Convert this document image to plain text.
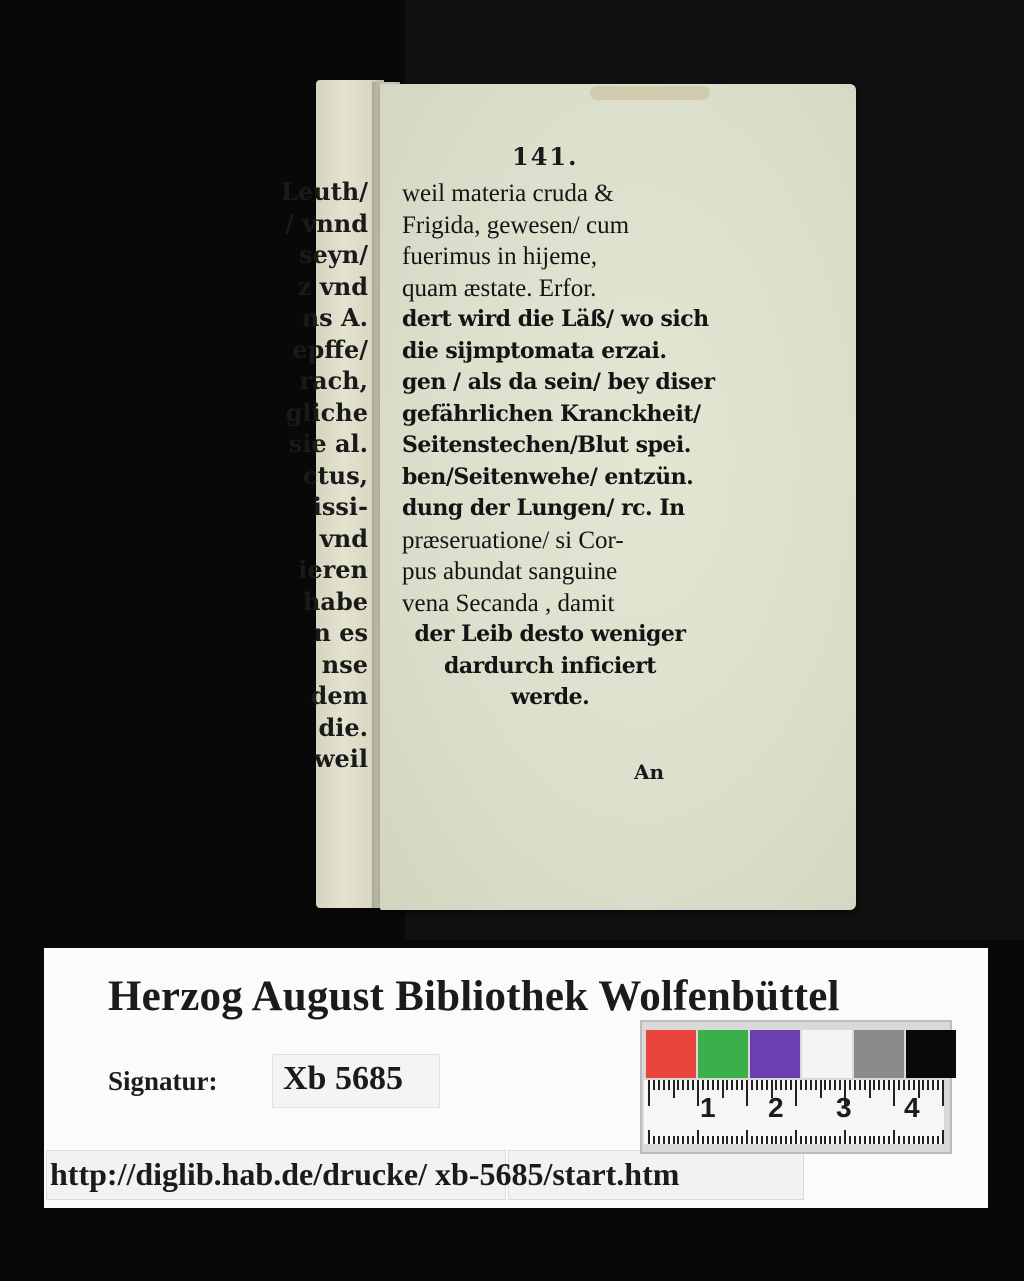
Leuth/
/ vnnd
seyn/
z vnd
ns A.
epffe/
rach,
gliche
sie al.
ctus,
issi-
vnd
ieren
habe
n es
nse
dem
die.
weil
141.
weil materia cruda &
Frigida, gewesen/ cum
fuerimus in hijeme,
quam æstate. Erfor.
dert wird die Läß/ wo sich
die sijmptomata erzai.
gen / als da sein/ bey diser
gefährlichen Kranckheit/
Seitenstechen/Blut spei.
ben/Seitenwehe/ entzün.
dung der Lungen/ rc. In
præseruatione/ si Cor-
pus abundat sanguine
vena Secanda , damit
der Leib desto weniger
dardurch inficiert
werde.
An
Herzog August Bibliothek Wolfenbüttel
Signatur: Xb 5685
http://diglib.hab.de/drucke/ xb-5685/start.htm
1 2 3 4
